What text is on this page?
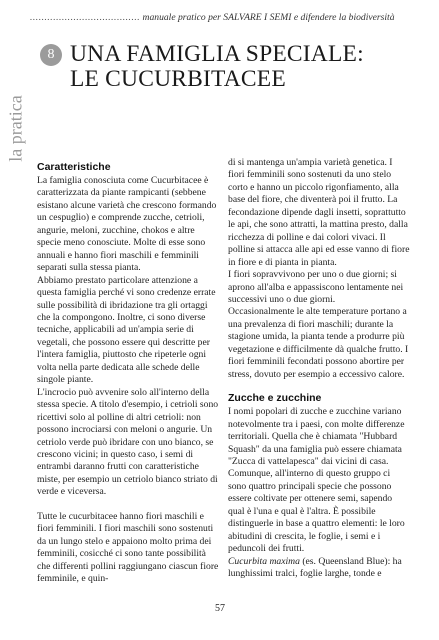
...................................... manuale pratico per SALVARE I SEMI e difendere la biodiversità
la pratica
8 UNA FAMIGLIA SPECIALE:
LE CUCURBITACEE

Caratteristiche

La famiglia conosciuta come Cucurbitacee è caratterizzata da piante rampicanti (sebbene esistano alcune varietà che crescono formando un cespuglio) e comprende zucche, cetrioli, angurie, meloni, zucchine, chokos e altre specie meno conosciute. Molte di esse sono annuali e hanno fiori maschili e femminili separati sulla stessa pianta.

Abbiamo prestato particolare attenzione a questa famiglia perché vi sono credenze errate sulle possibilità di ibridazione tra gli ortaggi che la compongono. Inoltre, ci sono diverse tecniche, applicabili ad un'ampia serie di vegetali, che possono essere qui descritte per l'intera famiglia, piuttosto che ripeterle ogni volta nella parte dedicata alle schede delle singole piante.

L'incrocio può avvenire solo all'interno della stessa specie. A titolo d'esempio, i cetrioli sono ricettivi solo al polline di altri cetrioli: non possono incrociarsi con meloni o angurie. Un cetriolo verde può ibridare con uno bianco, se crescono vicini; in questo caso, i semi di entrambi daranno frutti con caratteristiche miste, per esempio un cetriolo bianco striato di verde e viceversa.

Tutte le cucurbitacee hanno fiori maschili e fiori femminili. I fiori maschili sono sostenuti da un lungo stelo e appaiono molto prima dei femminili, cosicché ci sono tante possibilità che differenti pollini raggiungano ciascun fiore femminile, e quin-

di si mantenga un'ampia varietà genetica. I fiori femminili sono sostenuti da uno stelo corto e hanno un piccolo rigonfiamento, alla base del fiore, che diventerà poi il frutto. La fecondazione dipende dagli insetti, soprattutto le api, che sono attratti, la mattina presto, dalla ricchezza di polline e dai colori vivaci. Il polline si attacca alle api ed esse vanno di fiore in fiore e di pianta in pianta.

I fiori sopravvivono per uno o due giorni; si aprono all'alba e appassiscono lentamente nei successivi uno o due giorni.

Occasionalmente le alte temperature portano a una prevalenza di fiori maschili; durante la stagione umida, la pianta tende a produrre più vegetazione e difficilmente dà qualche frutto. I fiori femminili fecondati possono abortire per stress, dovuto per esempio a eccessivo calore.

Zucche e zucchine

I nomi popolari di zucche e zucchine variano notevolmente tra i paesi, con molte differenze territoriali. Quella che è chiamata "Hubbard Squash" da una famiglia può essere chiamata "Zucca di vattelapesca" dai vicini di casa.

Comunque, all'interno di questo gruppo ci sono quattro principali specie che possono essere coltivate per ottenere semi, sapendo qual è l'una e qual è l'altra. È possibile distinguerle in base a quattro elementi: le loro abitudini di crescita, le foglie, i semi e i peduncoli dei frutti.

Cucurbita maxima (es. Queensland Blue): ha lunghissimi tralci, foglie larghe, tonde e

57
